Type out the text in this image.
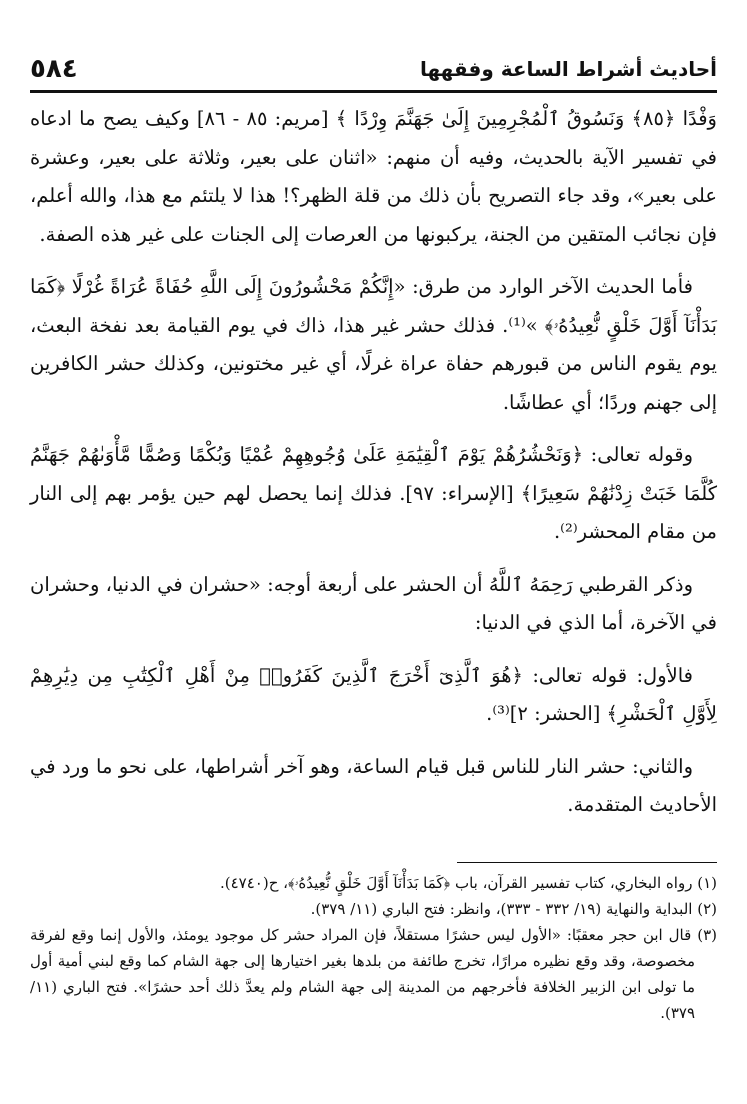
أحاديث أشراط الساعة وفقهها
٥٨٤

وَفْدًا ﴿٨٥﴾ وَنَسُوقُ ٱلْمُجْرِمِينَ إِلَىٰ جَهَنَّمَ وِرْدًا ﴾ [مريم: ٨٥ - ٨٦] وكيف يصح ما ادعاه في تفسير الآية بالحديث، وفيه أن منهم: «اثنان على بعير، وثلاثة على بعير، وعشرة على بعير»، وقد جاء التصريح بأن ذلك من قلة الظهر؟! هذا لا يلتئم مع هذا، والله أعلم، فإن نجائب المتقين من الجنة، يركبونها من العرصات إلى الجنات على غير هذه الصفة.

فأما الحديث الآخر الوارد من طرق: «إِنَّكُمْ مَحْشُورُونَ إِلَى اللَّهِ حُفَاةً عُرَاةً غُرْلًا ﴿كَمَا بَدَأْنَآ أَوَّلَ خَلْقٍ نُّعِيدُهُۥ﴾ »⁽¹⁾. فذلك حشر غير هذا، ذاك في يوم القيامة بعد نفخة البعث، يوم يقوم الناس من قبورهم حفاة عراة غرلًا، أي غير مختونين، وكذلك حشر الكافرين إلى جهنم وردًا؛ أي عطاشًا.

وقوله تعالى: ﴿وَنَحْشُرُهُمْ يَوْمَ ٱلْقِيَٰمَةِ عَلَىٰ وُجُوهِهِمْ عُمْيًا وَبُكْمًا وَصُمًّا مَّأْوَىٰهُمْ جَهَنَّمُ كُلَّمَا خَبَتْ زِدْنَٰهُمْ سَعِيرًا﴾ [الإسراء: ٩٧]. فذلك إنما يحصل لهم حين يؤمر بهم إلى النار من مقام المحشر⁽²⁾.

وذكر القرطبي رَحِمَهُ ٱللَّهُ أن الحشر على أربعة أوجه: «حشران في الدنيا، وحشران في الآخرة، أما الذي في الدنيا:

فالأول: قوله تعالى: ﴿هُوَ ٱلَّذِىٓ أَخْرَجَ ٱلَّذِينَ كَفَرُوا۟ مِنْ أَهْلِ ٱلْكِتَٰبِ مِن دِيَٰرِهِمْ لِأَوَّلِ ٱلْحَشْرِ﴾ [الحشر: ٢]⁽³⁾.

والثاني: حشر النار للناس قبل قيام الساعة، وهو آخر أشراطها، على نحو ما ورد في الأحاديث المتقدمة.

(١) رواه البخاري، كتاب تفسير القرآن، باب ﴿كَمَا بَدَأْنَآ أَوَّلَ خَلْقٍ نُّعِيدُهُۥ﴾، ح(٤٧٤٠).

(٢) البداية والنهاية (١٩/ ٣٣٢ - ٣٣٣)، وانظر: فتح الباري (١١/ ٣٧٩).

(٣) قال ابن حجر معقبًا: «الأول ليس حشرًا مستقلاً، فإن المراد حشر كل موجود يومئذ، والأول إنما وقع لفرقة مخصوصة، وقد وقع نظيره مرارًا، تخرج طائفة من بلدها بغير اختيارها إلى جهة الشام كما وقع لبني أمية أول ما تولى ابن الزبير الخلافة فأخرجهم من المدينة إلى جهة الشام ولم يعدَّ ذلك أحد حشرًا». فتح الباري (١١/ ٣٧٩).
